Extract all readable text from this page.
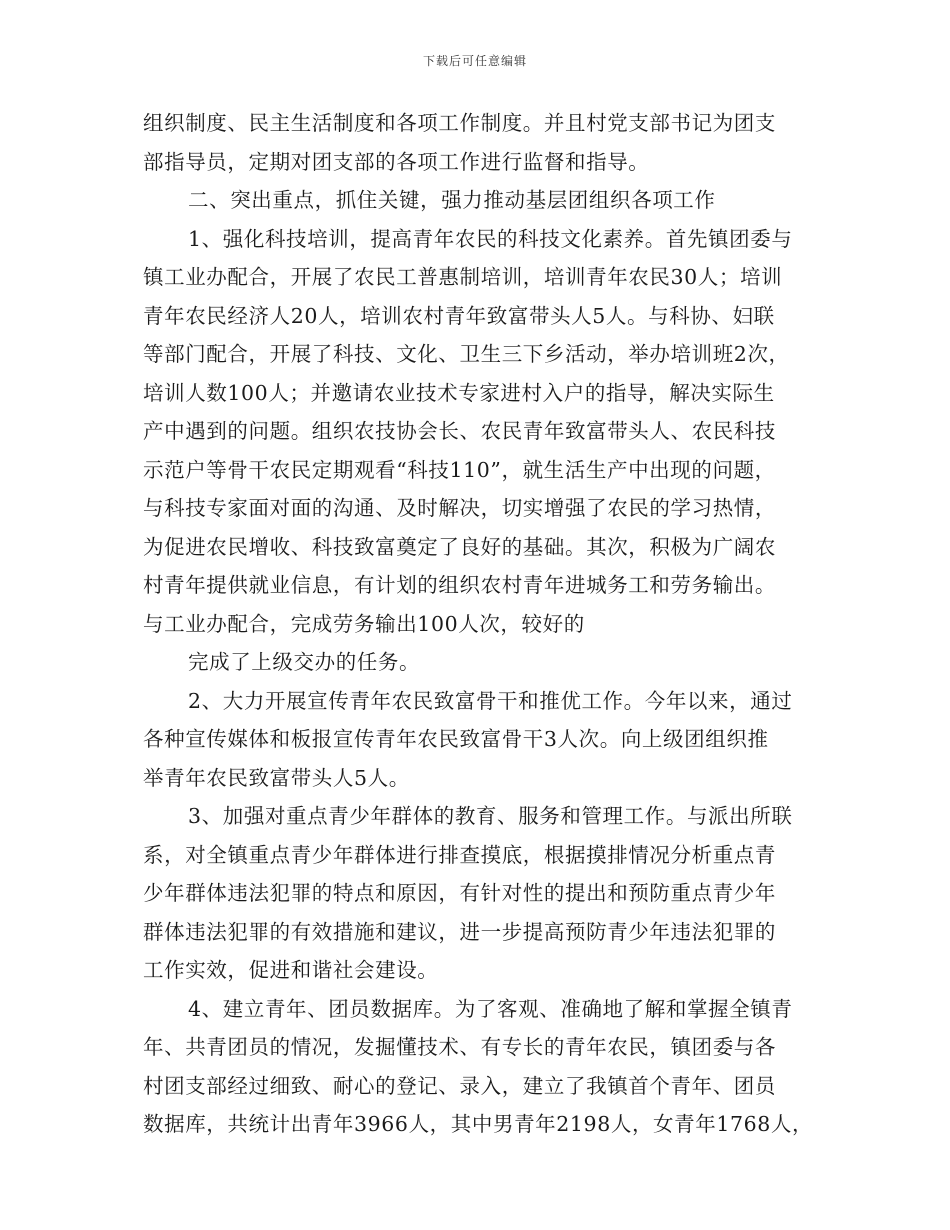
下载后可任意编辑
组织制度、民主生活制度和各项工作制度。并且村党支部书记为团支
部指导员，定期对团支部的各项工作进行监督和指导。
二、突出重点，抓住关键，强力推动基层团组织各项工作
1、强化科技培训，提高青年农民的科技文化素养。首先镇团委与
镇工业办配合，开展了农民工普惠制培训，培训青年农民30人；培训
青年农民经济人20人，培训农村青年致富带头人5人。与科协、妇联
等部门配合，开展了科技、文化、卫生三下乡活动，举办培训班2次，
培训人数100人；并邀请农业技术专家进村入户的指导，解决实际生
产中遇到的问题。组织农技协会长、农民青年致富带头人、农民科技
示范户等骨干农民定期观看“科技110”，就生活生产中出现的问题，
与科技专家面对面的沟通、及时解决，切实增强了农民的学习热情，
为促进农民增收、科技致富奠定了良好的基础。其次，积极为广阔农
村青年提供就业信息，有计划的组织农村青年进城务工和劳务输出。
与工业办配合，完成劳务输出100人次，较好的
完成了上级交办的任务。
2、大力开展宣传青年农民致富骨干和推优工作。今年以来，通过
各种宣传媒体和板报宣传青年农民致富骨干3人次。向上级团组织推
举青年农民致富带头人5人。
3、加强对重点青少年群体的教育、服务和管理工作。与派出所联
系，对全镇重点青少年群体进行排查摸底，根据摸排情况分析重点青
少年群体违法犯罪的特点和原因，有针对性的提出和预防重点青少年
群体违法犯罪的有效措施和建议，进一步提高预防青少年违法犯罪的
工作实效，促进和谐社会建设。
4、建立青年、团员数据库。为了客观、准确地了解和掌握全镇青
年、共青团员的情况，发掘懂技术、有专长的青年农民，镇团委与各
村团支部经过细致、耐心的登记、录入，建立了我镇首个青年、团员
数据库，共统计出青年3966人，其中男青年2198人，女青年1768人，
